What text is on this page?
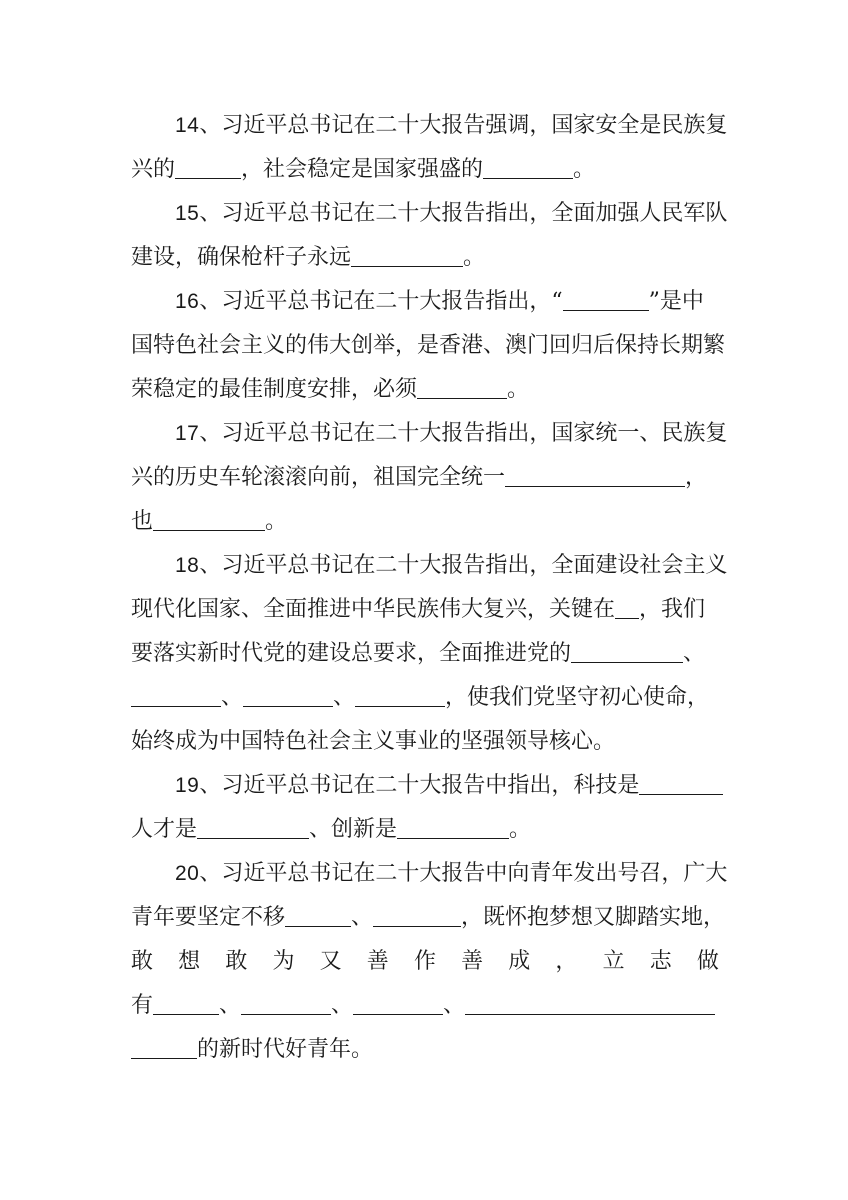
14、习近平总书记在二十大报告强调，国家安全是民族复
兴的	，社会稳定是国家强盛的	。
15、习近平总书记在二十大报告指出，全面加强人民军队
建设，确保枪杆子永远	。
16、习近平总书记在二十大报告指出，“	”是中
国特色社会主义的伟大创举，是香港、澳门回归后保持长期繁
荣稳定的最佳制度安排，必须	。
17、习近平总书记在二十大报告指出，国家统一、民族复
兴的历史车轮滚滚向前，祖国完全统一	，
也	。
18、习近平总书记在二十大报告指出，全面建设社会主义
现代化国家、全面推进中华民族伟大复兴，关键在 ，我们
要落实新时代党的建设总要求，全面推进党的	、
、	、	，使我们党坚守初心使命，
始终成为中国特色社会主义事业的坚强领导核心。
19、习近平总书记在二十大报告中指出，科技是
人才是	、创新是	。
20、习近平总书记在二十大报告中向青年发出号召，广大
青年要坚定不移	、	，既怀抱梦想又脚踏实地，
敢 想 敢 为 又 善 作 善 成 ， 立 志 做
有	、	、	、
的新时代好青年。
